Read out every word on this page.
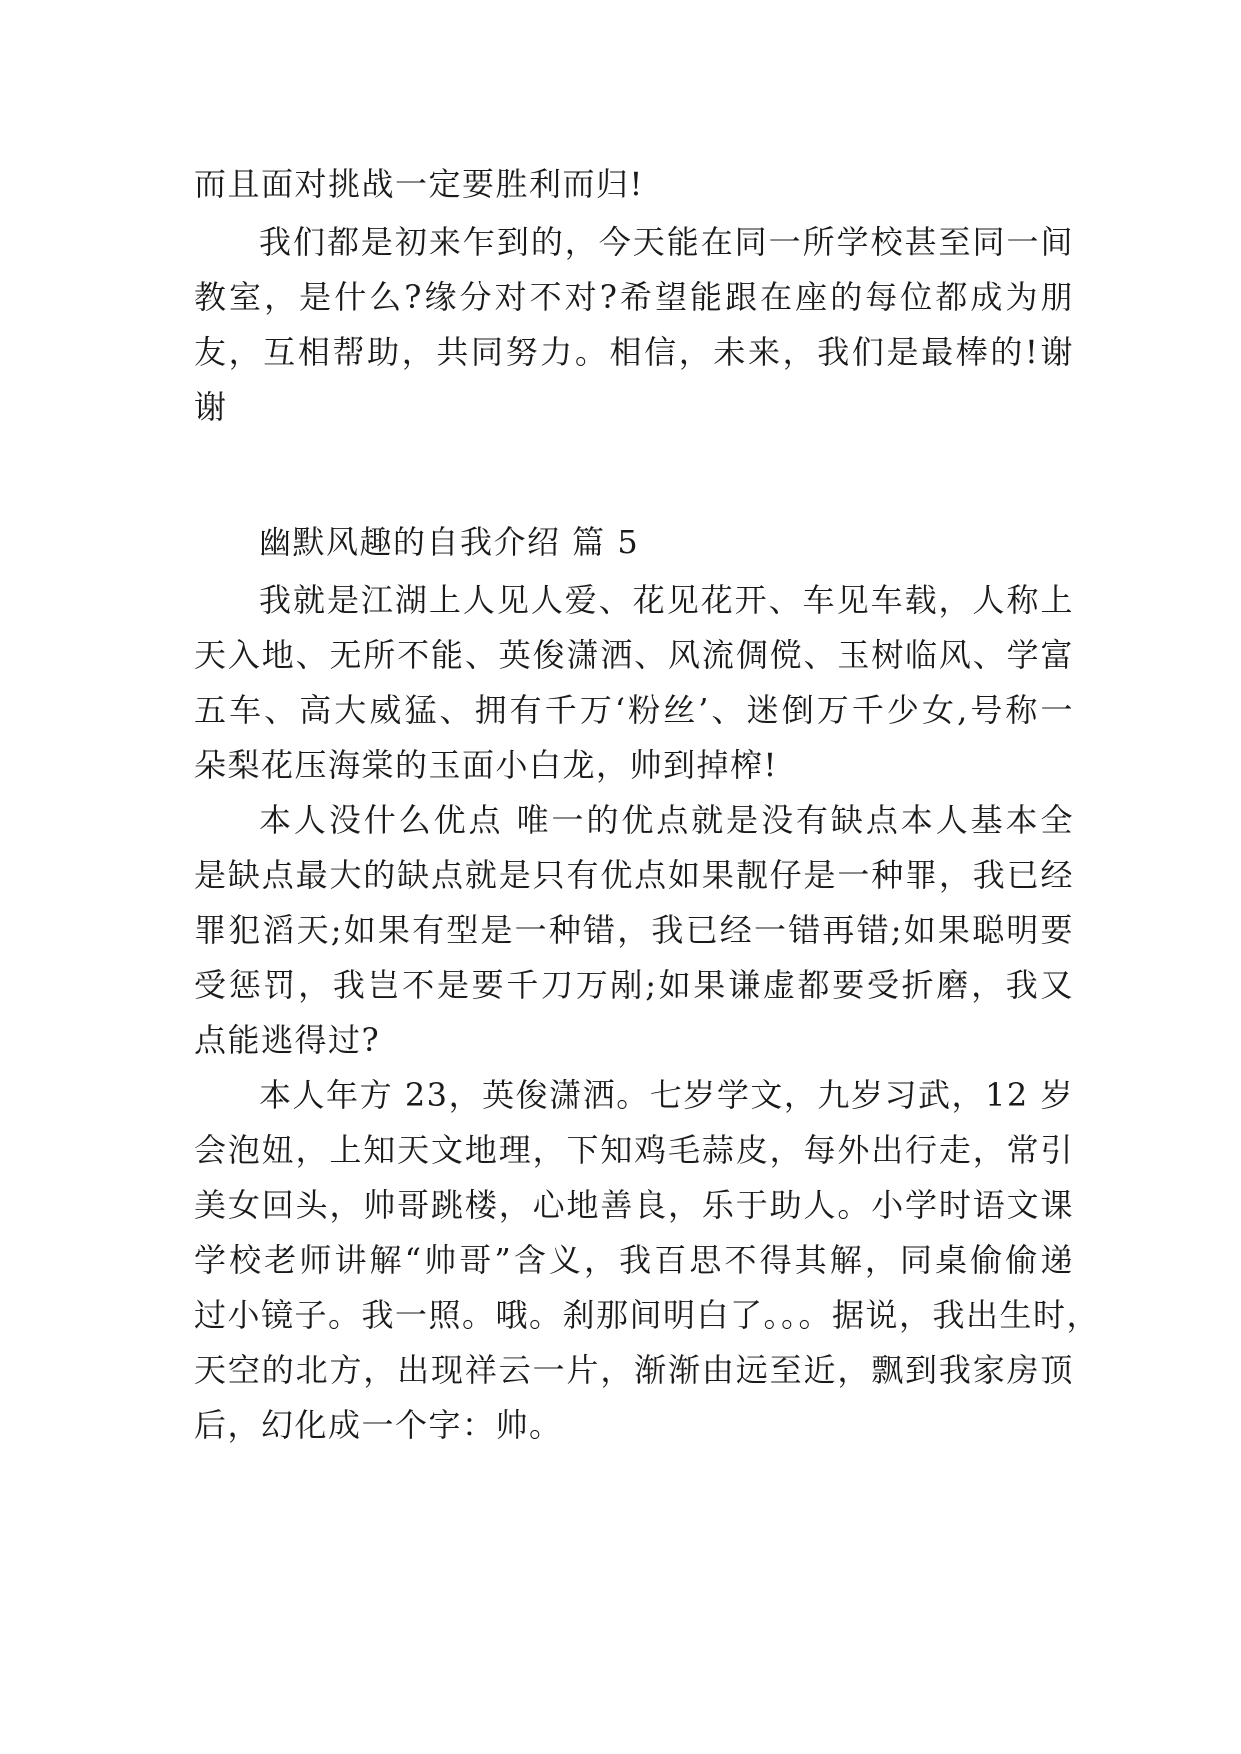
而且面对挑战一定要胜利而归!
我们都是初来乍到的，今天能在同一所学校甚至同一间
教室，是什么?缘分对不对?希望能跟在座的每位都成为朋
友，互相帮助，共同努力。相信，未来，我们是最棒的!谢
谢
幽默风趣的自我介绍 篇 5
我就是江湖上人见人爱、花见花开、车见车载，人称上
天入地、无所不能、英俊潇洒、风流倜傥、玉树临风、学富
五车、高大威猛、拥有千万‘粉丝’、迷倒万千少女,号称一
朵梨花压海棠的玉面小白龙，帅到掉榨!
本人没什么优点 唯一的优点就是没有缺点本人基本全
是缺点最大的缺点就是只有优点如果靓仔是一种罪，我已经
罪犯滔天;如果有型是一种错，我已经一错再错;如果聪明要
受惩罚，我岂不是要千刀万剐;如果谦虚都要受折磨，我又
点能逃得过?
本人年方 23，英俊潇洒。七岁学文，九岁习武，12 岁
会泡妞，上知天文地理，下知鸡毛蒜皮，每外出行走，常引
美女回头，帅哥跳楼，心地善良，乐于助人。小学时语文课
学校老师讲解“帅哥”含义，我百思不得其解，同桌偷偷递
过小镜子。我一照。哦。刹那间明白了。。。据说，我出生时，
天空的北方，出现祥云一片，渐渐由远至近，飘到我家房顶
后，幻化成一个字：帅。
